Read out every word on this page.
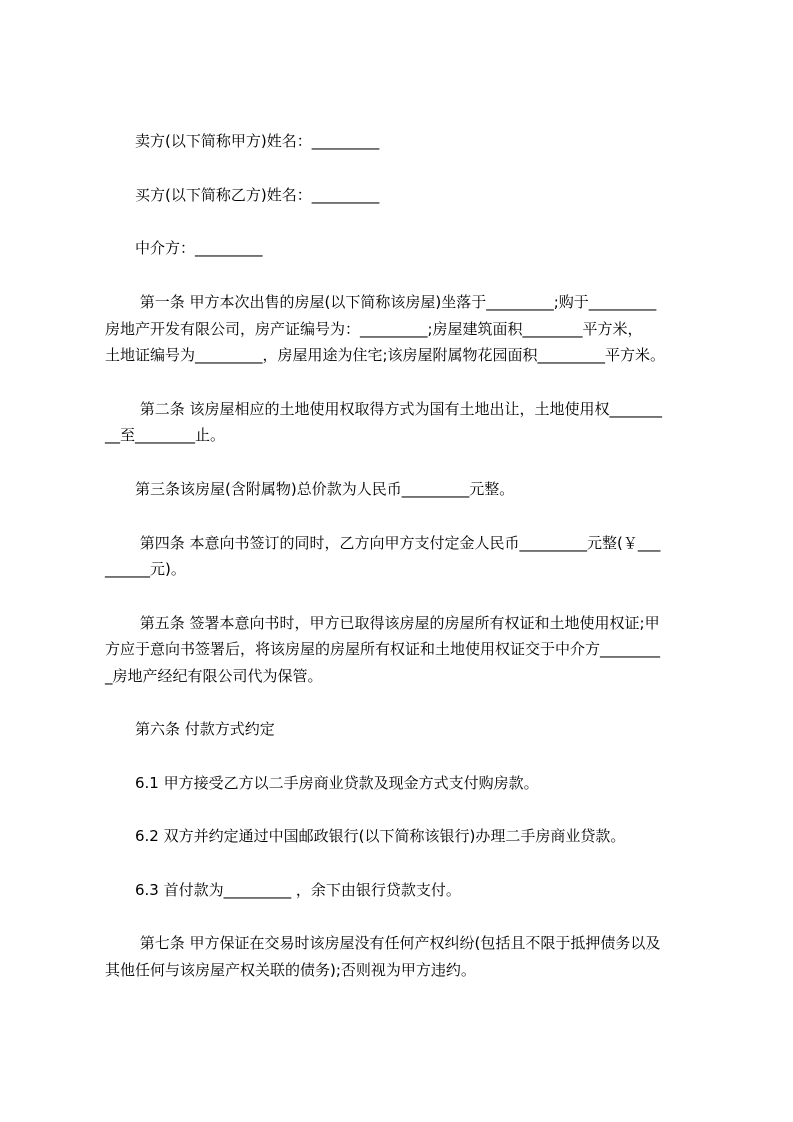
卖方(以下简称甲方)姓名：_________
买方(以下简称乙方)姓名：_________
中介方：_________
第一条 甲方本次出售的房屋(以下简称该房屋)坐落于_________;购于_________
房地产开发有限公司，房产证编号为：_________;房屋建筑面积________平方米，
土地证编号为_________，房屋用途为住宅;该房屋附属物花园面积_________平方米。
第二条 该房屋相应的土地使用权取得方式为国有土地出让，土地使用权_______
__至________止。
第三条该房屋(含附属物)总价款为人民币_________元整。
第四条 本意向书签订的同时，乙方向甲方支付定金人民币_________元整(￥___
______元)。
第五条 签署本意向书时，甲方已取得该房屋的房屋所有权证和土地使用权证;甲
方应于意向书签署后，将该房屋的房屋所有权证和土地使用权证交于中介方________
_房地产经纪有限公司代为保管。
第六条 付款方式约定
6.1 甲方接受乙方以二手房商业贷款及现金方式支付购房款。
6.2 双方并约定通过中国邮政银行(以下简称该银行)办理二手房商业贷款。
6.3 首付款为_________ ，余下由银行贷款支付。
第七条 甲方保证在交易时该房屋没有任何产权纠纷(包括且不限于抵押债务以及
其他任何与该房屋产权关联的债务);否则视为甲方违约。
